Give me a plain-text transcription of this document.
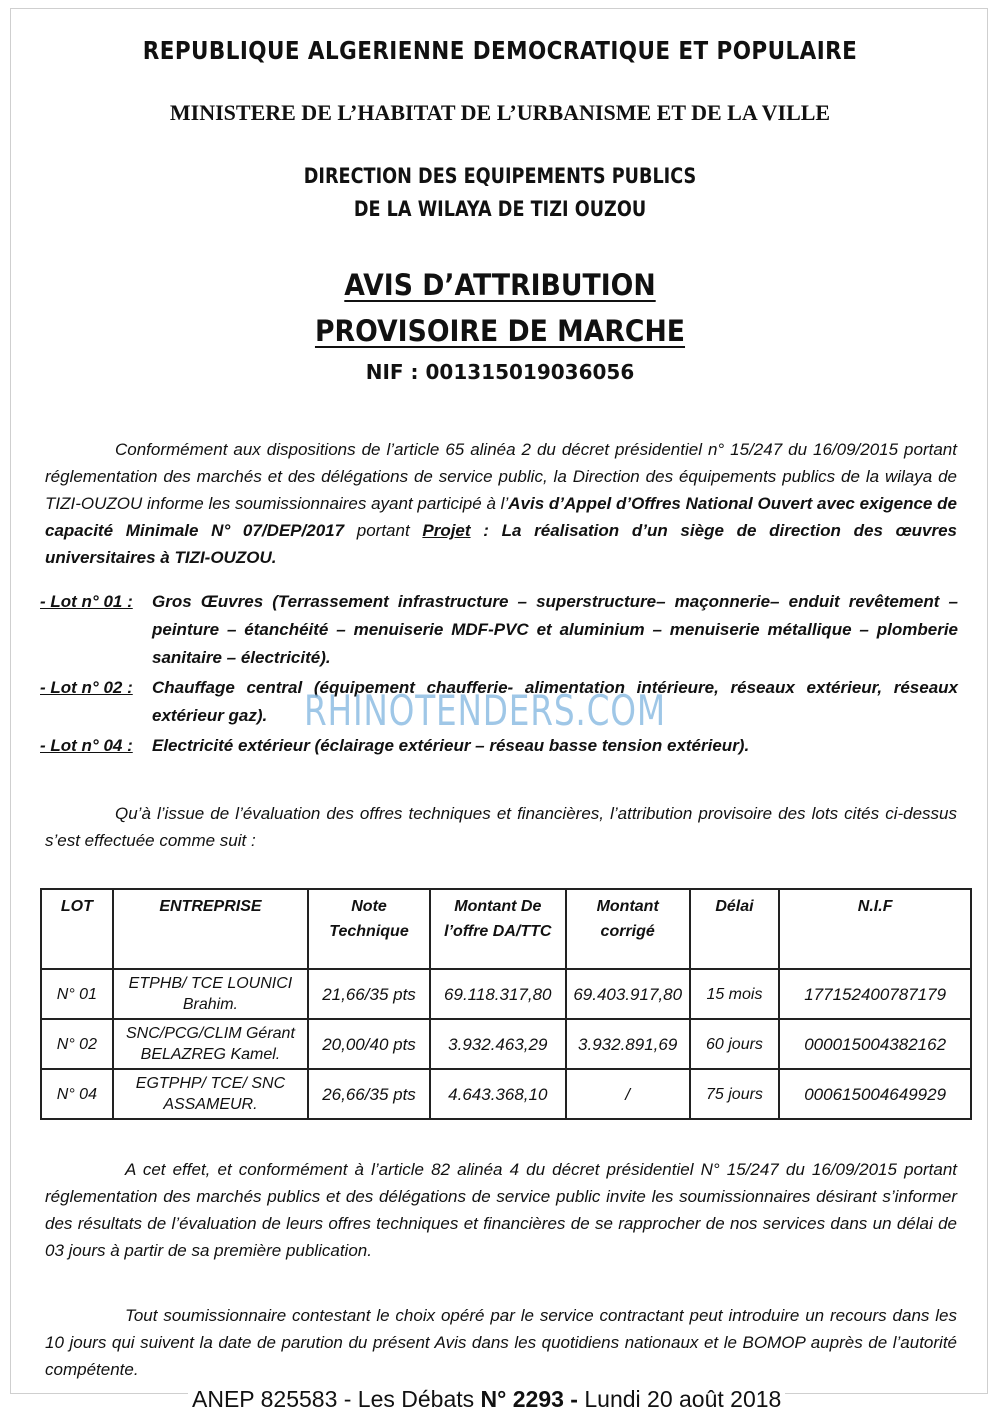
REPUBLIQUE ALGERIENNE DEMOCRATIQUE ET POPULAIRE
MINISTERE DE L’HABITAT DE L’URBANISME ET DE LA VILLE
DIRECTION DES EQUIPEMENTS PUBLICS
DE LA WILAYA DE TIZI OUZOU
AVIS D’ATTRIBUTION
PROVISOIRE DE MARCHE
NIF : 001315019036056
Conformément aux dispositions de l’article 65 alinéa 2 du décret présidentiel n° 15/247 du 16/09/2015 portant réglementation des marchés et des délégations de service public, la Direction des équipements publics de la wilaya de TIZI-OUZOU informe les soumissionnaires ayant participé à l’Avis d’Appel d’Offres National Ouvert avec exigence de capacité Minimale N° 07/DEP/2017 portant Projet : La réalisation d’un siège de direction des œuvres universitaires à TIZI-OUZOU.
- Lot n° 01 : Gros Œuvres (Terrassement infrastructure – superstructure– maçonnerie– enduit revêtement – peinture – étanchéité – menuiserie MDF-PVC et aluminium – menuiserie métallique – plomberie sanitaire – électricité).
- Lot n° 02 : Chauffage central (équipement chaufferie- alimentation intérieure, réseaux extérieur, réseaux extérieur gaz).
- Lot n° 04 : Electricité extérieur (éclairage extérieur – réseau basse tension extérieur).
RHINOTENDERS.COM
Qu’à l’issue de l’évaluation des offres techniques et financières, l’attribution provisoire des lots cités ci-dessus s’est effectuée comme suit :
LOT	ENTREPRISE	Note Technique	Montant De l’offre DA/TTC	Montant corrigé	Délai	N.I.F
N° 01	ETPHB/ TCE LOUNICI Brahim.	21,66/35 pts	69.118.317,80	69.403.917,80	15 mois	177152400787179
N° 02	SNC/PCG/CLIM Gérant BELAZREG Kamel.	20,00/40 pts	3.932.463,29	3.932.891,69	60 jours	000015004382162
N° 04	EGTPHP/ TCE/ SNC ASSAMEUR.	26,66/35 pts	4.643.368,10	/	75 jours	000615004649929
A cet effet, et conformément à l’article 82 alinéa 4 du décret présidentiel N° 15/247 du 16/09/2015 portant réglementation des marchés publics et des délégations de service public invite les soumissionnaires désirant s’informer des résultats de l’évaluation de leurs offres techniques et financières de se rapprocher de nos services dans un délai de 03 jours à partir de sa première publication.
Tout soumissionnaire contestant le choix opéré par le service contractant peut introduire un recours dans les 10 jours qui suivent la date de parution du présent Avis dans les quotidiens nationaux et le BOMOP auprès de l’autorité compétente.
ANEP 825583 - Les Débats N° 2293 - Lundi 20 août 2018
